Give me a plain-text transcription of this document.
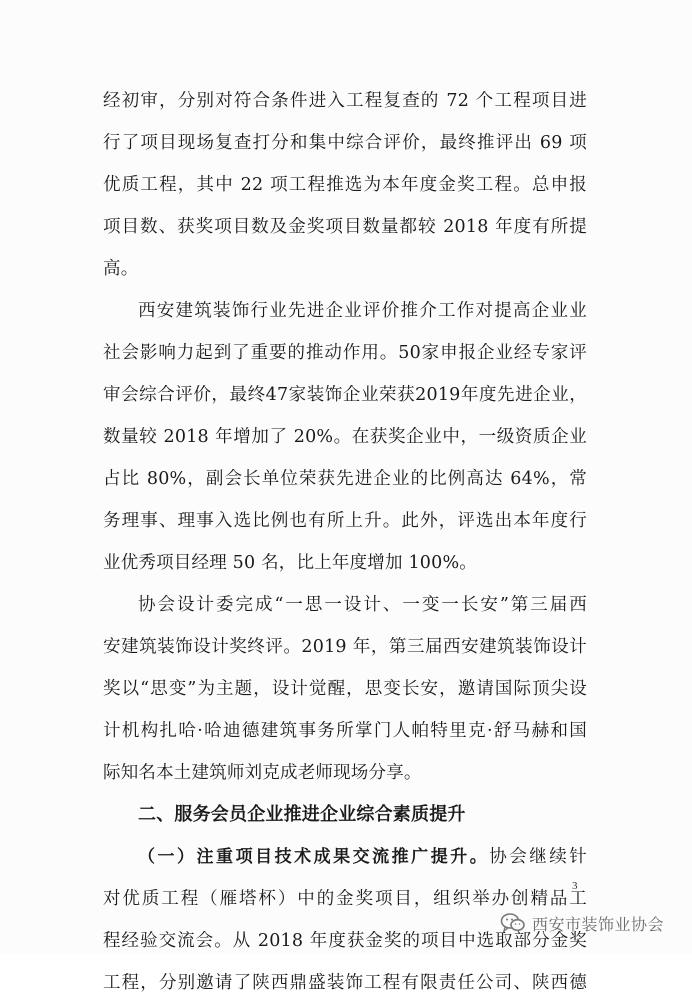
经初审，分别对符合条件进入工程复查的 72 个工程项目进
行了项目现场复查打分和集中综合评价，最终推评出 69 项
优质工程，其中 22 项工程推选为本年度金奖工程。总申报
项目数、获奖项目数及金奖项目数量都较 2018 年度有所提
高。
西安建筑装饰行业先进企业评价推介工作对提高企业业
社会影响力起到了重要的推动作用。50家申报企业经专家评
审会综合评价，最终47家装饰企业荣获2019年度先进企业，
数量较 2018 年增加了 20%。在获奖企业中，一级资质企业
占比 80%，副会长单位荣获先进企业的比例高达 64%，常
务理事、理事入选比例也有所上升。此外，评选出本年度行
业优秀项目经理 50 名，比上年度增加 100%。
协会设计委完成“一思一设计、一变一长安”第三届西
安建筑装饰设计奖终评。2019 年，第三届西安建筑装饰设计
奖以“思变”为主题，设计觉醒，思变长安，邀请国际顶尖设
计机构扎哈·哈迪德建筑事务所掌门人帕特里克·舒马赫和国
际知名本土建筑师刘克成老师现场分享。
二、服务会员企业推进企业综合素质提升
（一）注重项目技术成果交流推广提升。协会继续针
对优质工程（雁塔杯）中的金奖项目，组织举办创精品工
程经验交流会。从 2018 年度获金奖的项目中选取部分金奖
工程，分别邀请了陕西鼎盛装饰工程有限责任公司、陕西德
3
西安市装饰业协会
